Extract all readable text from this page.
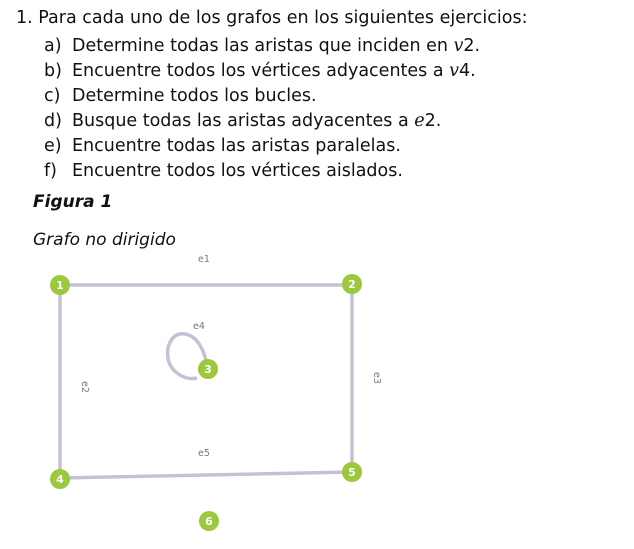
1. Para cada uno de los grafos en los siguientes ejercicios:
a) Determine todas las aristas que inciden en v2.
b) Encuentre todos los vértices adyacentes a v4.
c) Determine todos los bucles.
d) Busque todas las aristas adyacentes a e2.
e) Encuentre todas las aristas paralelas.
f) Encuentre todos los vértices aislados.
Figura 1
Grafo no dirigido
e1
e2
e3
e4
e5
1	2
3
4
5
6
